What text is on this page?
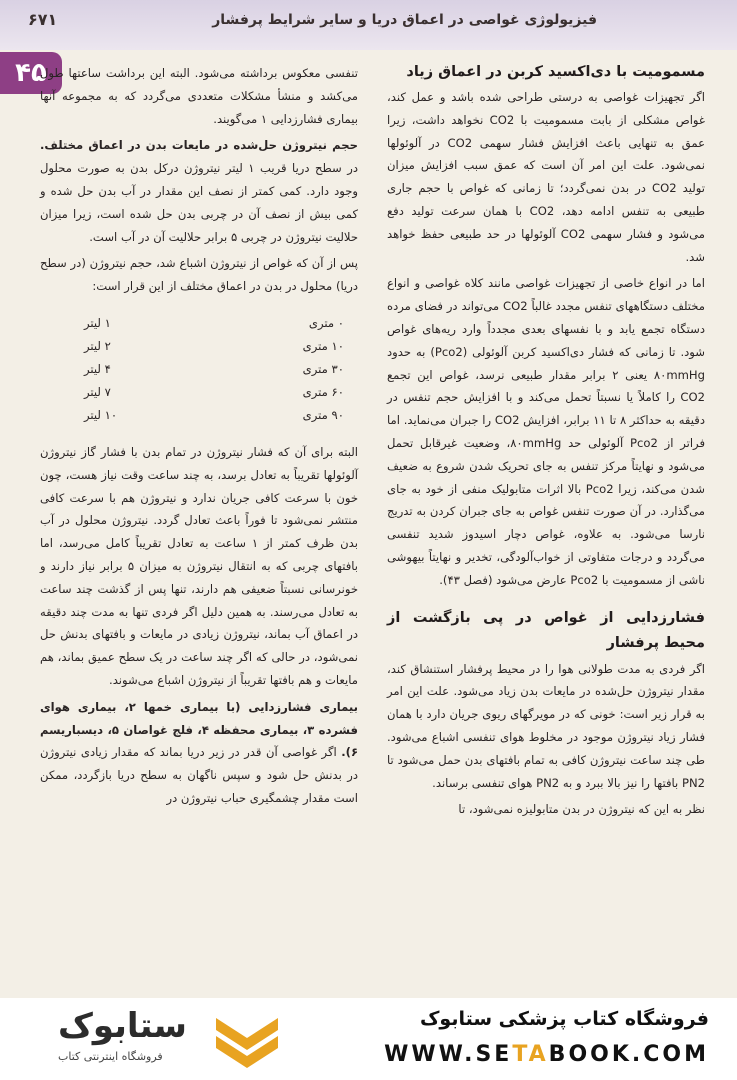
۶۷۱	فیزیولوژی غواصی در اعماق دریا و سایر شرایط پرفشار
۴۵	مسمومیت با دی‌اکسید کربن در اعماق زیاد

اگر تجهیزات غواصی به درستی طراحی شده باشد و عمل کند، غواص مشکلی از بابت مسمومیت با CO2 نخواهد داشت، زیرا عمق به تنهایی باعث افزایش فشار سهمی CO2 در آلوئولها نمی‌شود. علت این امر آن است که عمق سبب افزایش میزان تولید CO2 در بدن نمی‌گردد؛ تا زمانی که غواص با حجم جاری طبیعی به تنفس ادامه دهد، CO2 با همان سرعت تولید دفع می‌شود و فشار سهمی CO2 آلوئولها در حد طبیعی حفظ خواهد شد.

اما در انواع خاصی از تجهیزات غواصی مانند کلاه غواصی و انواع مختلف دستگاههای تنفس مجدد غالباً CO2 می‌تواند در فضای مرده دستگاه تجمع یابد و با نفسهای بعدی مجدداً وارد ریه‌های غواص شود. تا زمانی که فشار دی‌اکسید کربن آلوئولی (Pco2) به حدود ۸۰mmHg یعنی ۲ برابر مقدار طبیعی نرسد، غواص این تجمع CO2 را کاملاً یا نسبتاً تحمل می‌کند و با افزایش حجم تنفس در دقیقه به حداکثر ۸ تا ۱۱ برابر، افزایش CO2 را جبران می‌نماید. اما فراتر از Pco2 آلوئولی حد ۸۰mmHg، وضعیت غیرقابل تحمل می‌شود و نهایتاً مرکز تنفس به جای تحریک شدن شروع به ضعیف شدن می‌کند، زیرا Pco2 بالا اثرات متابولیک منفی از خود به جای می‌گذارد. در آن صورت تنفس غواص به جای جبران کردن به تدریج نارسا می‌شود. به علاوه، غواص دچار اسیدوز شدید تنفسی می‌گردد و درجات متفاوتی از خواب‌آلودگی، تخدیر و نهایتاً بیهوشی ناشی از مسمومیت با Pco2 عارض می‌شود (فصل ۴۳).

فشارزدایی از غواص در پی بازگشت از محیط پرفشار

اگر فردی به مدت طولانی هوا را در محیط پرفشار استنشاق کند، مقدار نیتروژن حل‌شده در مایعات بدن زیاد می‌شود. علت این امر به قرار زیر است: خونی که در مویرگهای ریوی جریان دارد با همان فشار زیاد نیتروژن موجود در مخلوط هوای تنفسی اشباع می‌شود. طی چند ساعت نیتروژن کافی به تمام بافتهای بدن حمل می‌شود تا PN2 بافتها را نیز بالا ببرد و به PN2 هوای تنفسی برساند.

نظر به این که نیتروژن در بدن متابولیزه نمی‌شود، تا

تنفسی معکوس برداشته می‌شود. البته این برداشت ساعتها طول می‌کشد و منشأ مشکلات متعددی می‌گردد که به مجموعه آنها بیماری فشارزدایی ۱ می‌گویند.

حجم نیتروژن حل‌شده در مایعات بدن در اعماق مختلف. در سطح دریا قریب ۱ لیتر نیتروژن درکل بدن به صورت محلول وجود دارد. کمی کمتر از نصف این مقدار در آب بدن حل شده و کمی بیش از نصف آن در چربی بدن حل شده است، زیرا میزان حلالیت نیتروژن در چربی ۵ برابر حلالیت آن در آب است.

پس از آن که غواص از نیتروژن اشباع شد، حجم نیتروژن (در سطح دریا) محلول در بدن در اعماق مختلف از این قرار است:

۰ متری
۱ لیتر
۱۰ متری
۲ لیتر
۳۰ متری
۴ لیتر
۶۰ متری
۷ لیتر
۹۰ متری
۱۰ لیتر

البته برای آن که فشار نیتروژن در تمام بدن با فشار گاز نیتروژن آلوئولها تقریباً به تعادل برسد، به چند ساعت وقت نیاز هست، چون خون با سرعت کافی جریان ندارد و نیتروژن هم با سرعت کافی منتشر نمی‌شود تا فوراً باعث تعادل گردد. نیتروژن محلول در آب بدن ظرف کمتر از ۱ ساعت به تعادل تقریباً کامل می‌رسد، اما بافتهای چربی که به انتقال نیتروژن به میزان ۵ برابر نیاز دارند و خونرسانی نسبتاً ضعیفی هم دارند، تنها پس از گذشت چند ساعت به تعادل می‌رسند. به همین دلیل اگر فردی تنها به مدت چند دقیقه در اعماق آب بماند، نیتروژن زیادی در مایعات و بافتهای بدنش حل نمی‌شود، در حالی که اگر چند ساعت در یک سطح عمیق بماند، هم مایعات و هم بافتها تقریباً از نیتروژن اشباع می‌شوند.

بیماری فشارزدایی (با بیماری خمها ۲، بیماری هوای فشرده ۳، بیماری محفظه ۴، فلج غواصان ۵، دیسباریسم ۶). اگر غواصی آن قدر در زیر دریا بماند که مقدار زیادی نیتروژن در بدنش حل شود و سپس ناگهان به سطح دریا بازگردد، ممکن است مقدار چشمگیری حباب نیتروژن در

فروشگاه کتاب پزشکی ستابوک
WWW.SETABOOK.COM
ستابوک
فروشگاه اینترنتی کتاب
